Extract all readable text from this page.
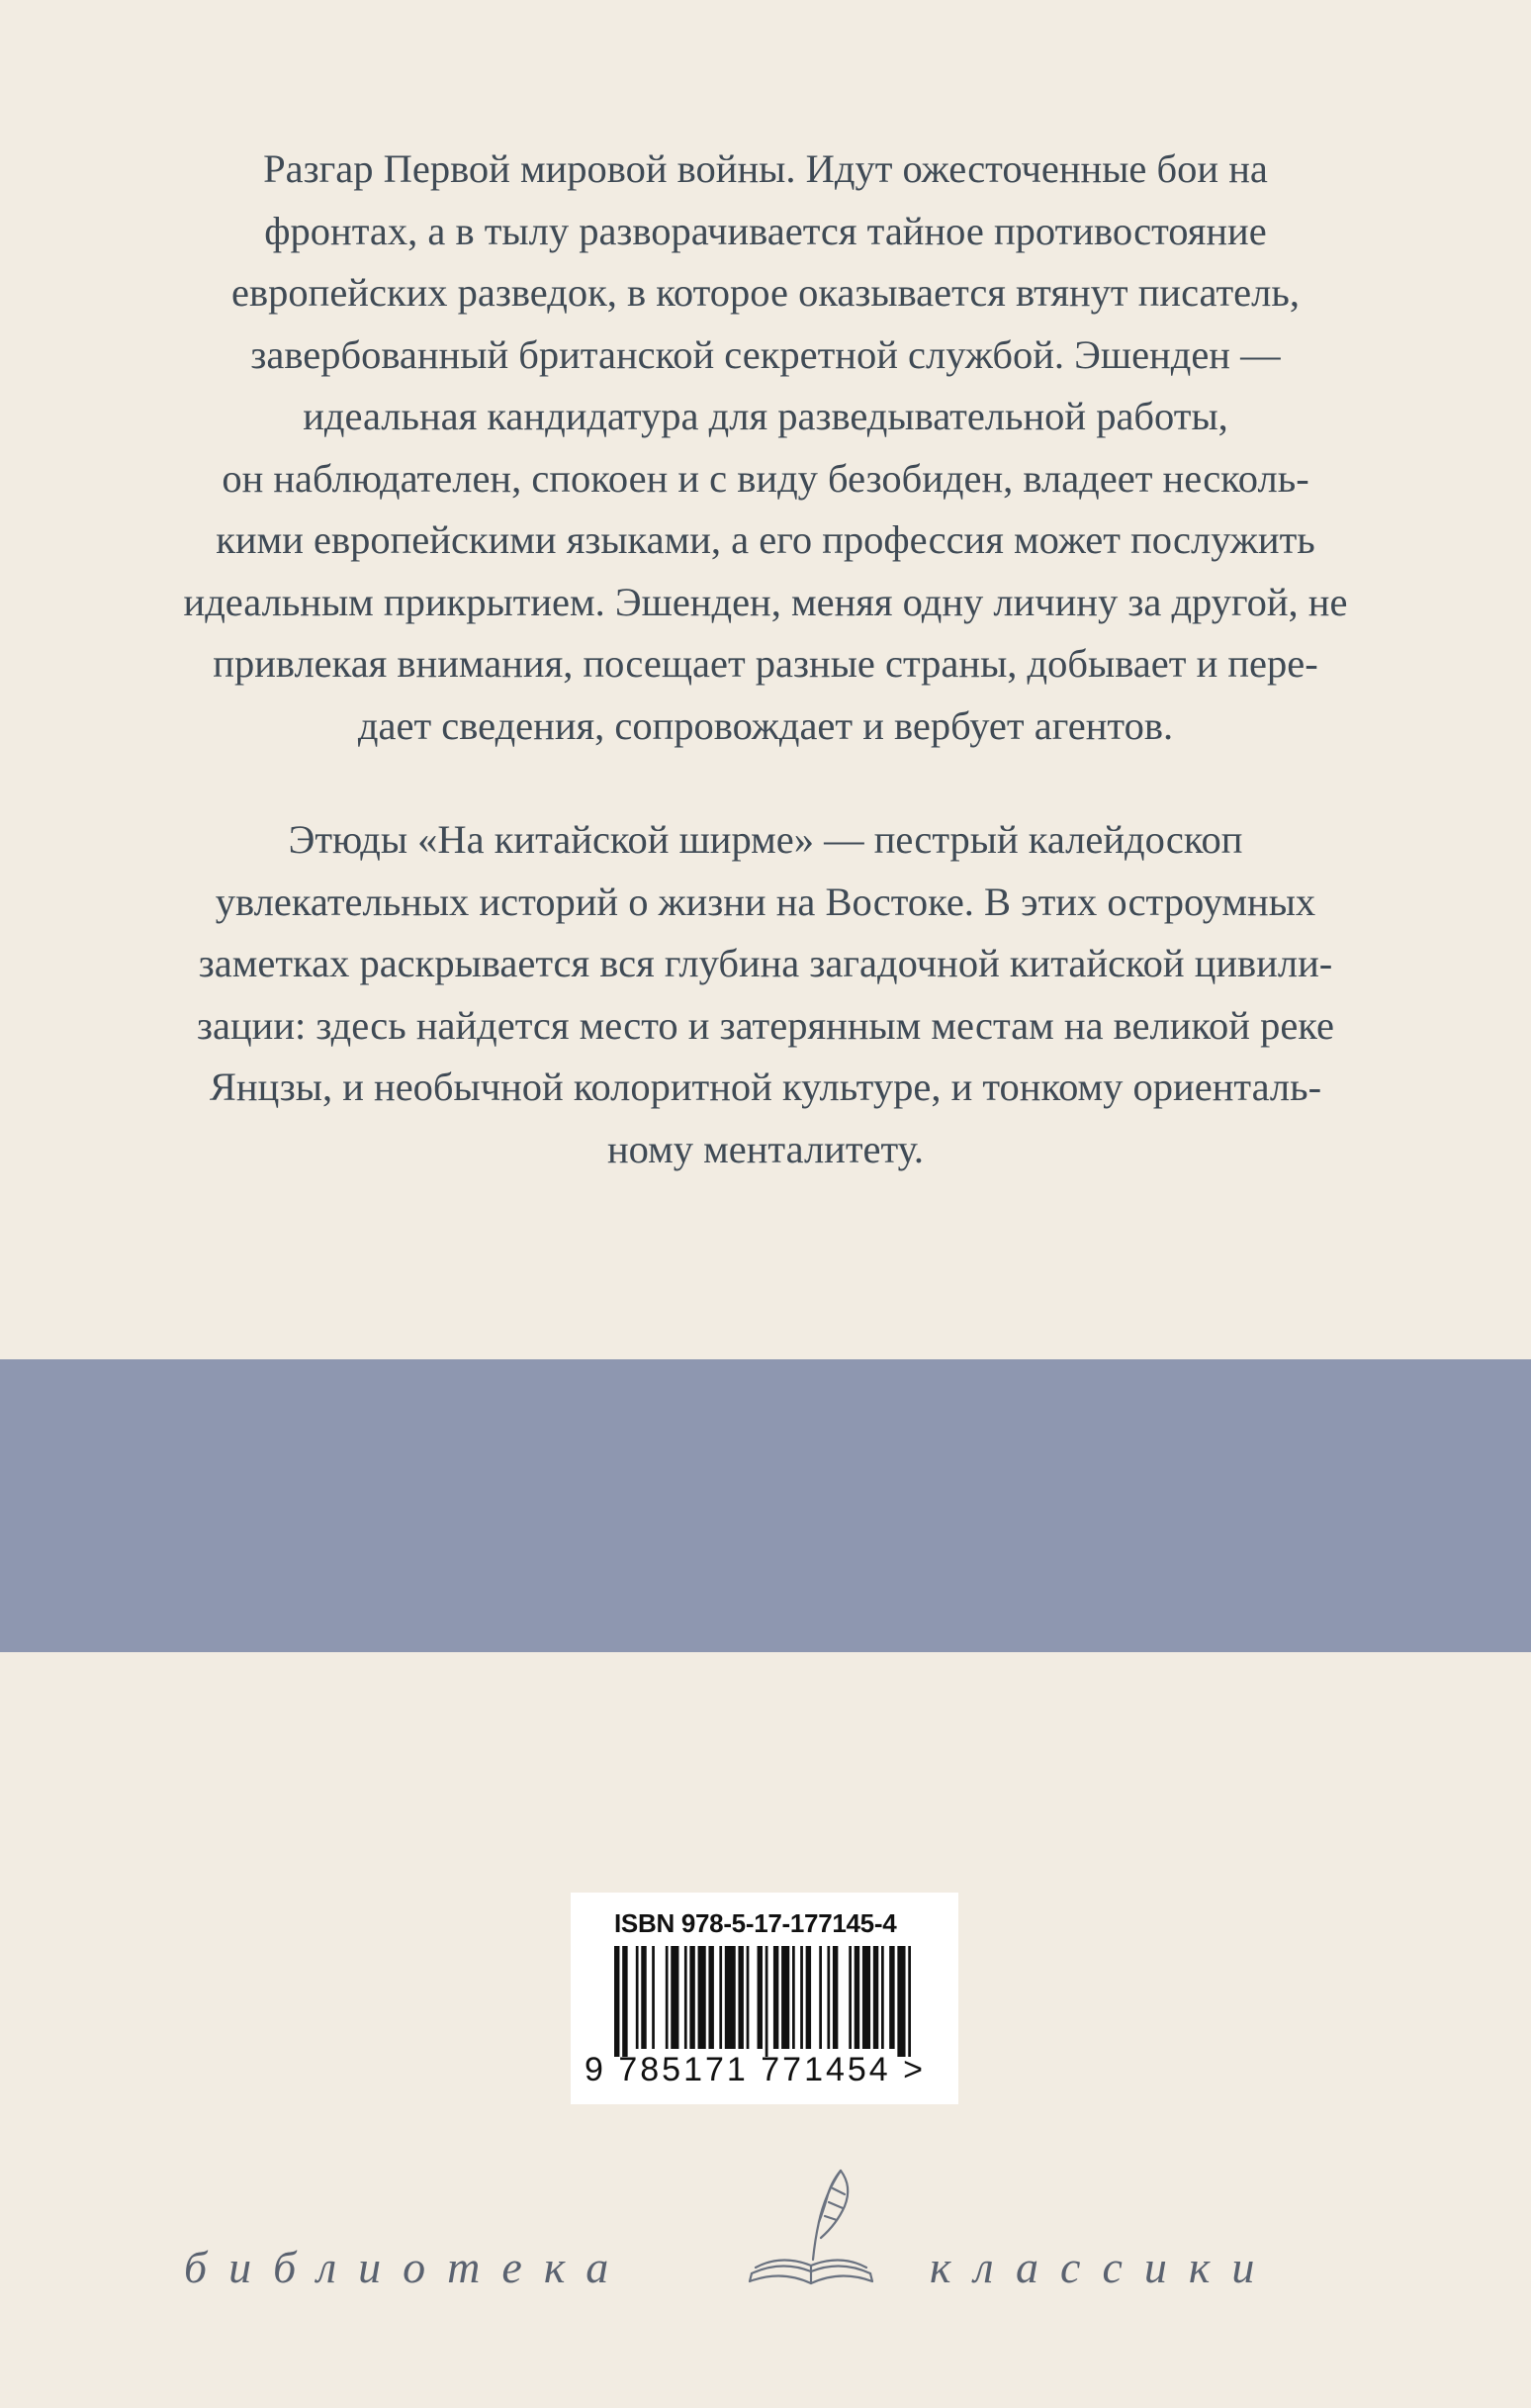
Разгар Первой мировой войны. Идут ожесточенные бои на
фронтах, а в тылу разворачивается тайное противостояние
европейских разведок, в которое оказывается втянут писатель,
завербованный британской секретной службой. Эшенден —
идеальная кандидатура для разведывательной работы,
он наблюдателен, спокоен и с виду безобиден, владеет несколь-
кими европейскими языками, а его профессия может послужить
идеальным прикрытием. Эшенден, меняя одну личину за другой, не
привлекая внимания, посещает разные страны, добывает и пере-
дает сведения, сопровождает и вербует агентов.
Этюды «На китайской ширме» — пестрый калейдоскоп
увлекательных историй о жизни на Востоке. В этих остроумных
заметках раскрывается вся глубина загадочной китайской цивили-
зации: здесь найдется место и затерянным местам на великой реке
Янцзы, и необычной колоритной культуре, и тонкому ориенталь-
ному менталитету.
ISBN 978-5-17-177145-4
9 785171 771454 >
библиотека	классики
